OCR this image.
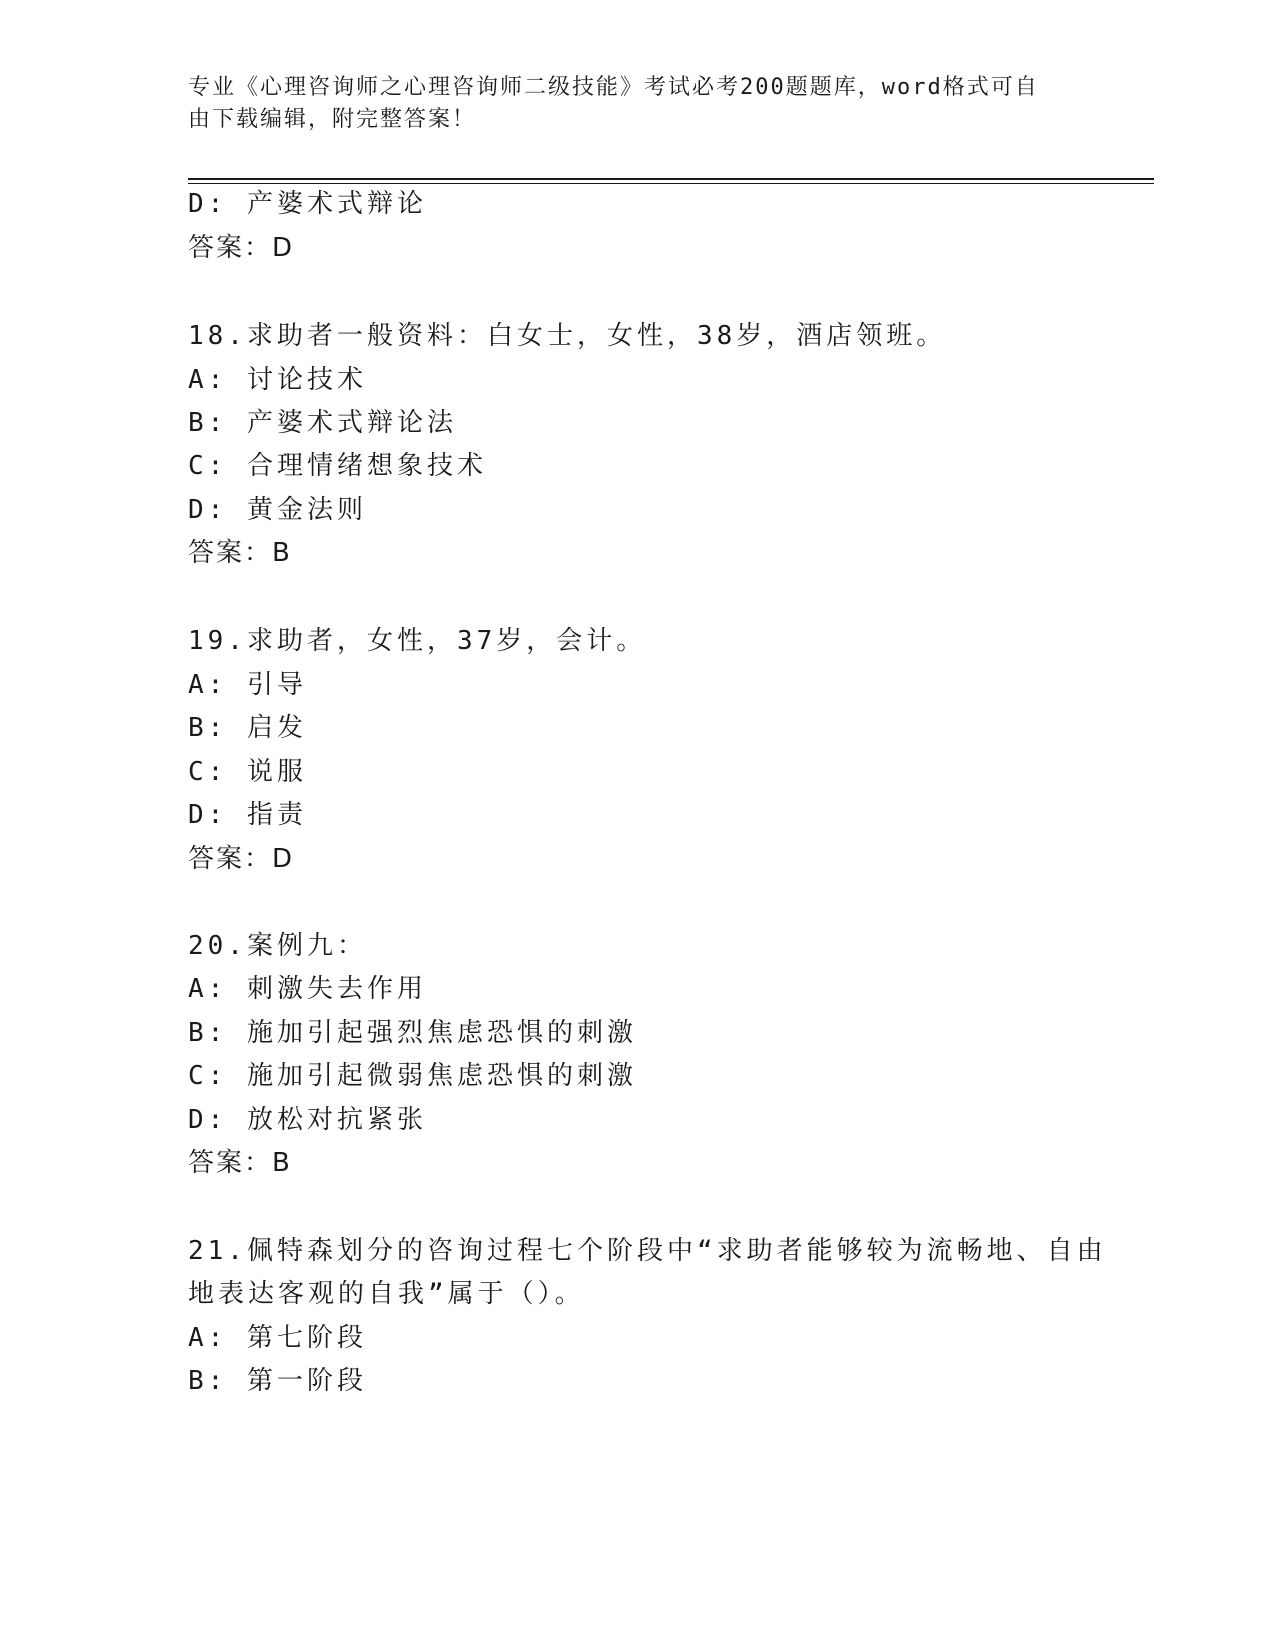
专业《心理咨询师之心理咨询师二级技能》考试必考200题题库，word格式可自
由下载编辑，附完整答案！
D: 产婆术式辩论
答案：D
18.求助者一般资料：白女士，女性，38岁，酒店领班。
A: 讨论技术
B: 产婆术式辩论法
C: 合理情绪想象技术
D: 黄金法则
答案：B
19.求助者，女性，37岁，会计。
A: 引导
B: 启发
C: 说服
D: 指责
答案：D
20.案例九：
A: 刺激失去作用
B: 施加引起强烈焦虑恐惧的刺激
C: 施加引起微弱焦虑恐惧的刺激
D: 放松对抗紧张
答案：B
21.佩特森划分的咨询过程七个阶段中“求助者能够较为流畅地、自由
地表达客观的自我”属于（）。
A: 第七阶段
B: 第一阶段
